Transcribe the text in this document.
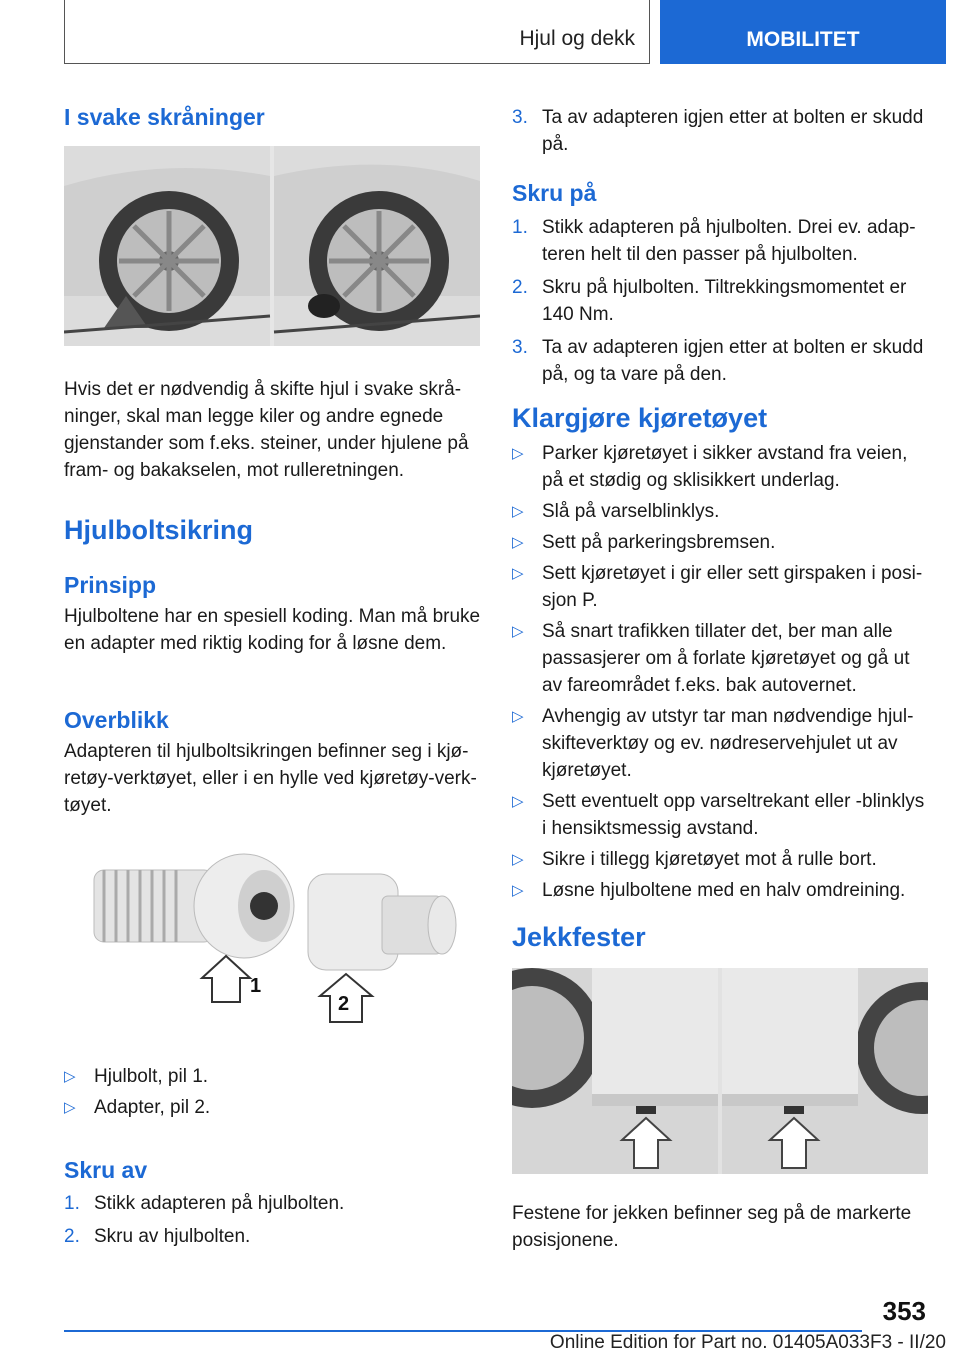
Hjul og dekk	MOBILITET
I svake skråninger

Hvis det er nødvendig å skifte hjul i svake skråninger, skal man legge kiler og andre egnede gjenstander som f.eks. steiner, under hjulene på fram- og bakakselen, mot rulleretningen.

Hjulboltsikring
Prinsipp

Hjulboltene har en spesiell koding. Man må bruke en adapter med riktig koding for å løsne dem.

Overblikk

Adapteren til hjulboltsikringen befinner seg i kjøretøy-verktøyet, eller i en hylle ved kjøretøy-verktøyet.

1
2
▷ Hjulbolt, pil 1.
▷ Adapter, pil 2.
Skru av
1. Stikk adapteren på hjulbolten.
2. Skru av hjulbolten.
3. Ta av adapteren igjen etter at bolten er skudd på.
Skru på
1. Stikk adapteren på hjulbolten. Drei ev. adapteren helt til den passer på hjulbolten.
2. Skru på hjulbolten. Tiltrekkingsmomentet er 140 Nm.
3. Ta av adapteren igjen etter at bolten er skudd på, og ta vare på den.
Klargjøre kjøretøyet
▷ Parker kjøretøyet i sikker avstand fra veien, på et stødig og sklisikkert underlag.
▷ Slå på varselblinklys.
▷ Sett på parkeringsbremsen.
▷ Sett kjøretøyet i gir eller sett girspaken i posisjon P.
▷ Så snart trafikken tillater det, ber man alle passasjerer om å forlate kjøretøyet og gå ut av fareområdet f.eks. bak autovernet.
▷ Avhengig av utstyr tar man nødvendige hjulskifteverktøy og ev. nødreservehjulet ut av kjøretøyet.
▷ Sett eventuelt opp varseltrekant eller -blinklys i hensiktsmessig avstand.
▷ Sikre i tillegg kjøretøyet mot å rulle bort.
▷ Løsne hjulboltene med en halv omdreining.
Jekkfester

Festene for jekken befinner seg på de markerte posisjonene.

353
Online Edition for Part no. 01405A033F3 - II/20
